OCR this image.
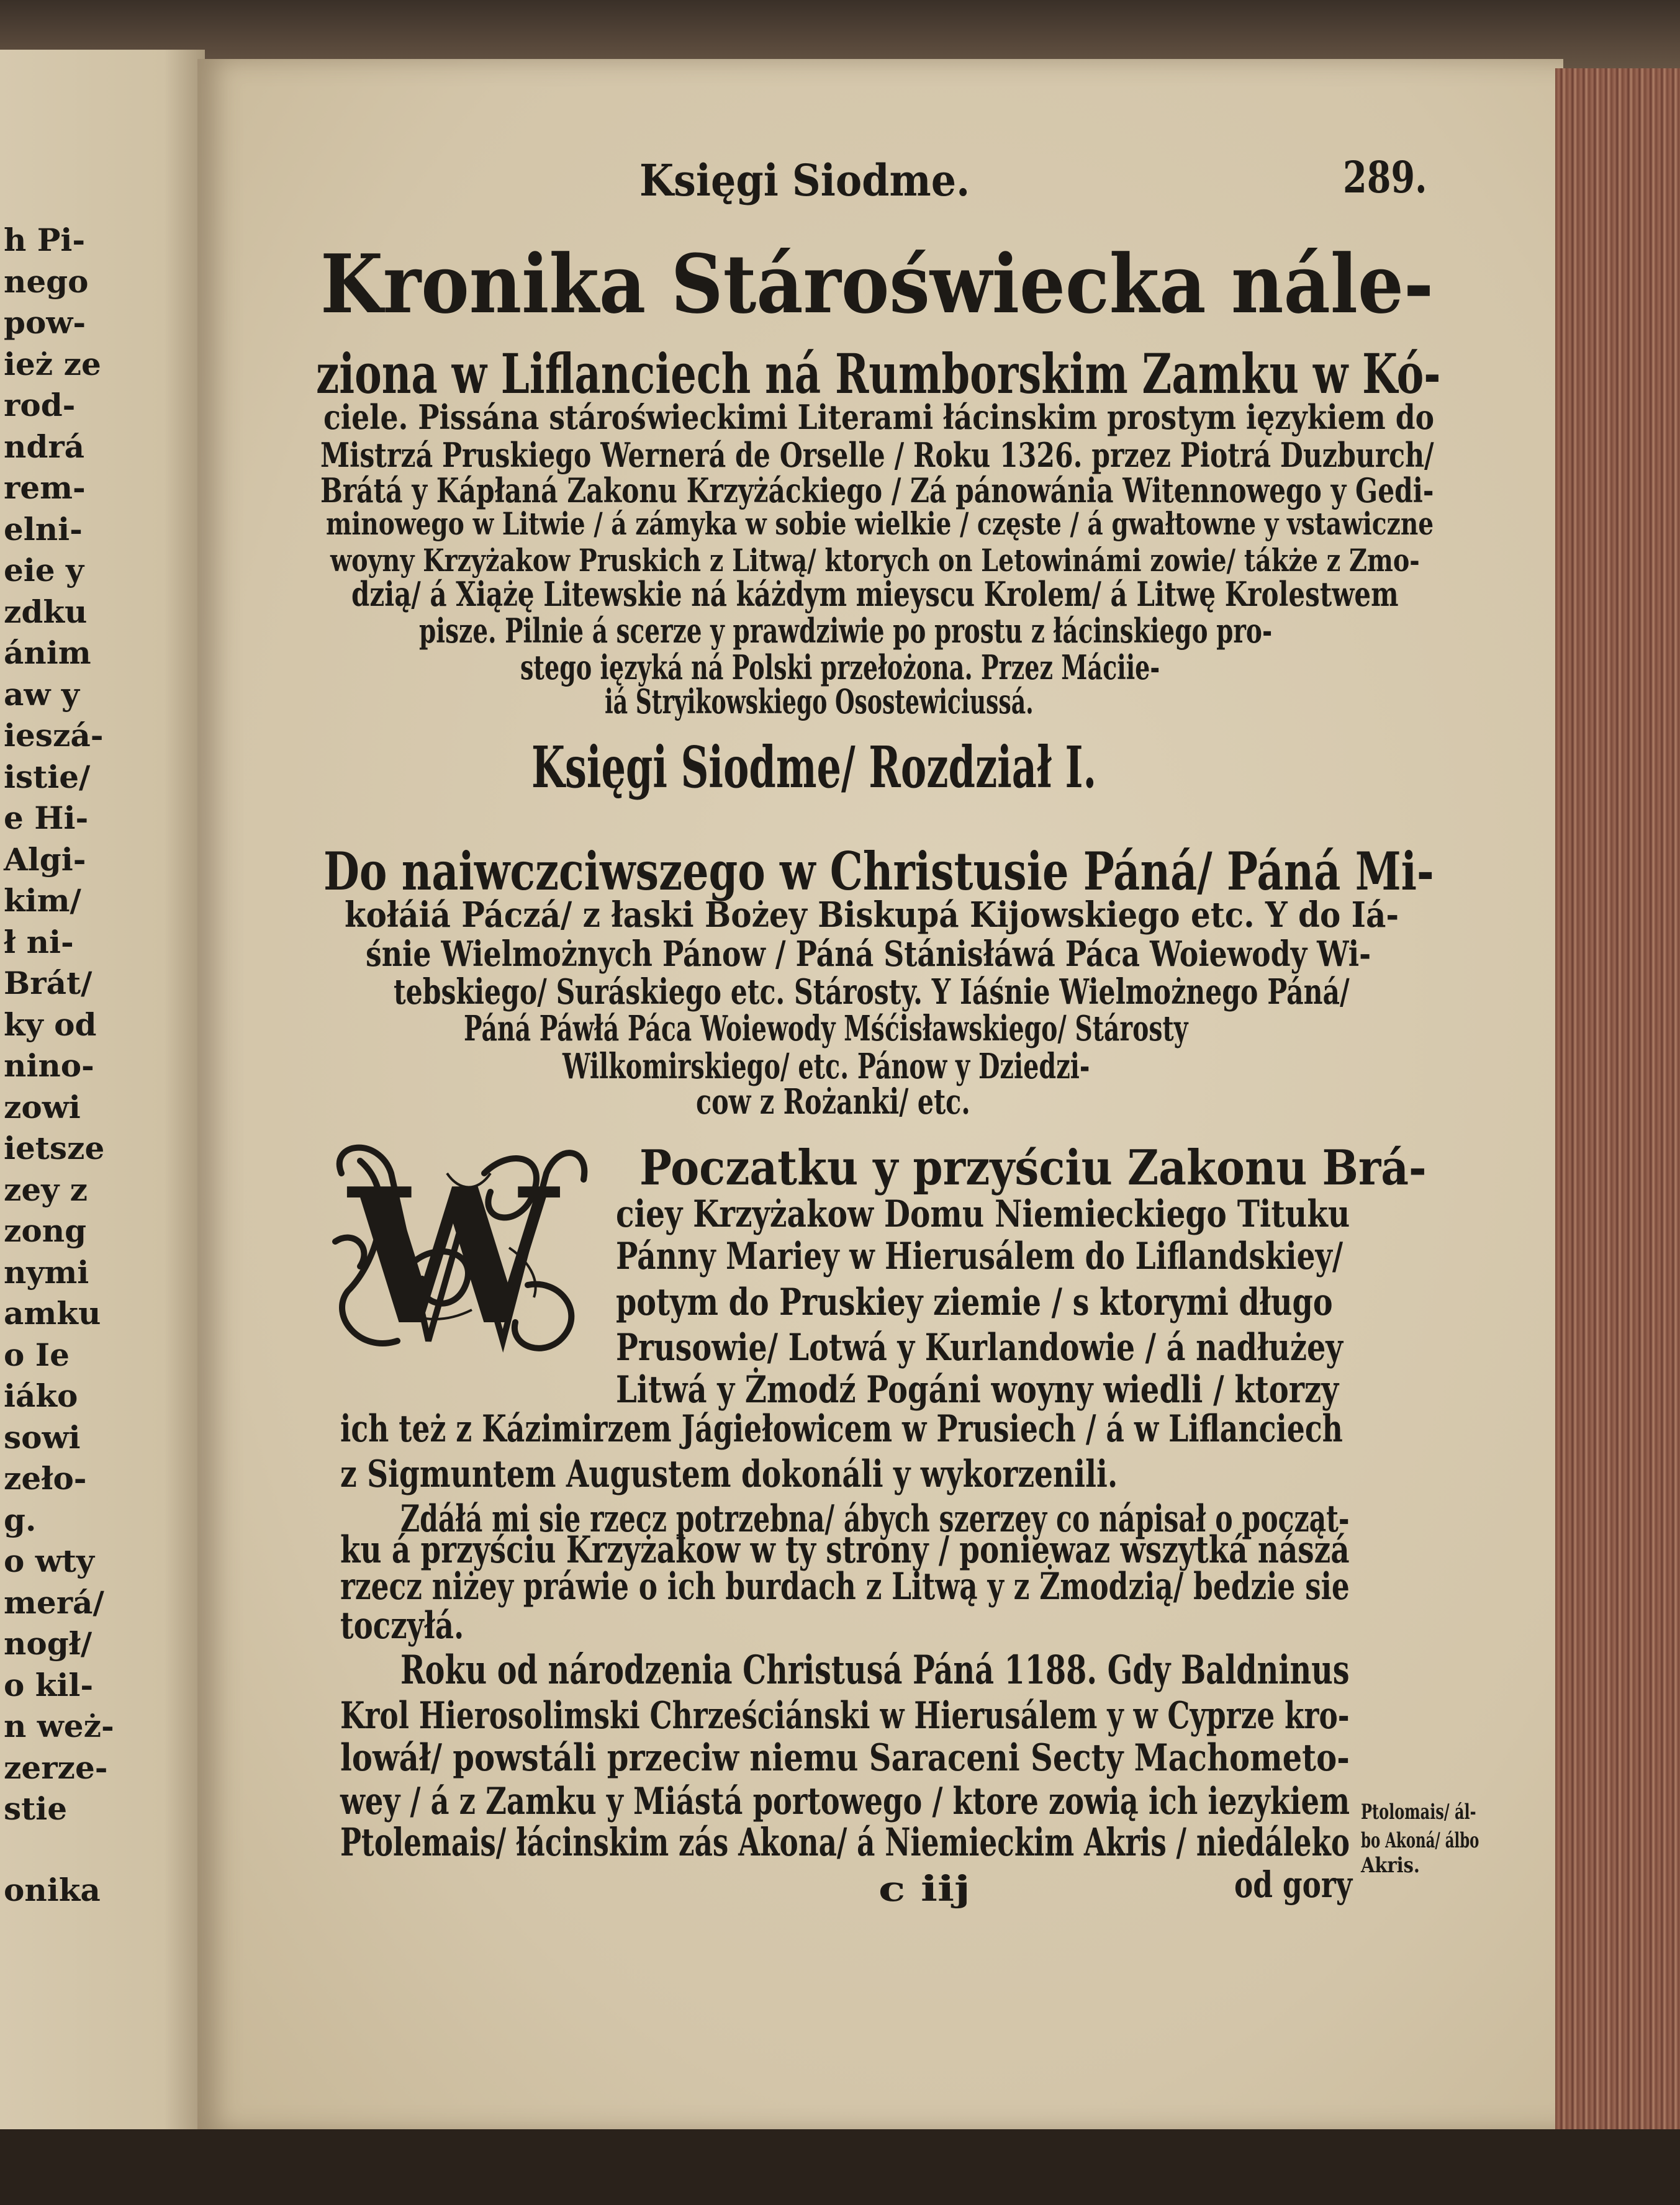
W
Księgi Siodme.	289.
Kronika Stároświecka nále-
ziona w Liflanciech ná Rumborskim Zamku w Kó-
ciele. Pissána stároświeckimi Literami łácinskim prostym ięzykiem do
Mistrzá Pruskiego Wernerá de Orselle / Roku 1326. przez Piotrá Duzburch/
Brátá y Kápłaná Zakonu Krzyżáckiego / Zá pánowánia Witennowego y Gedi-
minowego w Litwie / á zámyka w sobie wielkie / częste / á gwałtowne y vstawiczne
woyny Krzyżakow Pruskich z Litwą/ ktorych on Letowinámi zowie/ tákże z Zmo-
dzią/ á Xiążę Litewskie ná káżdym mieyscu Krolem/ á Litwę Krolestwem
pisze. Pilnie á scerze y prawdziwie po prostu z łácinskiego pro-
stego ięzyká ná Polski przełożona. Przez Máciie-
iá Stryikowskiego Osostewiciussá.
Księgi Siodme/ Rozdział I.
Do naiwczciwszego w Christusie Páná/ Páná Mi-
kołáiá Páczá/ z łaski Bożey Biskupá Kijowskiego etc. Y do Iá-
śnie Wielmożnych Pánow / Páná Stánisłáwá Páca Woiewody Wi-
tebskiego/ Suráskiego etc. Stárosty. Y Iáśnie Wielmożnego Páná/
Páná Páwłá Páca Woiewody Mśćisławskiego/ Stárosty
Wilkomirskiego/ etc. Pánow y Dziedzi-
cow z Rożanki/ etc.
Poczatku y przyściu Zakonu Brá-
ciey Krzyżakow Domu Niemieckiego Tituku
Pánny Mariey w Hierusálem do Liflandskiey/
potym do Pruskiey ziemie / s ktorymi długo
Prusowie/ Lotwá y Kurlandowie / á nadłużey
Litwá y Żmodź Pogáni woyny wiedli / ktorzy
ich też z Kázimirzem Jágiełowicem w Prusiech / á w Liflanciech
z Sigmuntem Augustem dokonáli y wykorzenili.
Zdáłá mi sie rzecz potrzebna/ ábych szerzey co nápisał o począt-
ku á przyściu Krzyżakow w ty strony / poniewaz wszytká nászá
rzecz niżey práwie o ich burdach z Litwą y z Żmodzią/ bedzie sie
toczyłá.
Roku od národzenia Christusá Páná 1188. Gdy Baldninus
Krol Hierosolimski Chrześciánski w Hierusálem y w Cyprze kro-
lowáł/ powstáli przeciw niemu Saraceni Secty Machometo-
wey / á z Zamku y Miástá portowego / ktore zowią ich iezykiem
Ptolemais/ łácinskim zás Akona/ á Niemieckim Akris / niedáleko
c iij	od gory
Ptolomais/ ál-
bo Akoná/ álbo
Akris.
h Pi-
nego
pow-
ież ze
rod-
ndrá
rem-
elni-
eie y
zdku
ánim
aw y
ieszá-
istie/
e Hi-
Algi-
kim/
ł ni-
Brát/
ky od
nino-
zowi
ietsze
zey z
zong
nymi
amku
o Ie
iáko
sowi
zeło-
g.
o wty
merá/
nogł/
o kil-
n weż-
zerze-
stie
onika
